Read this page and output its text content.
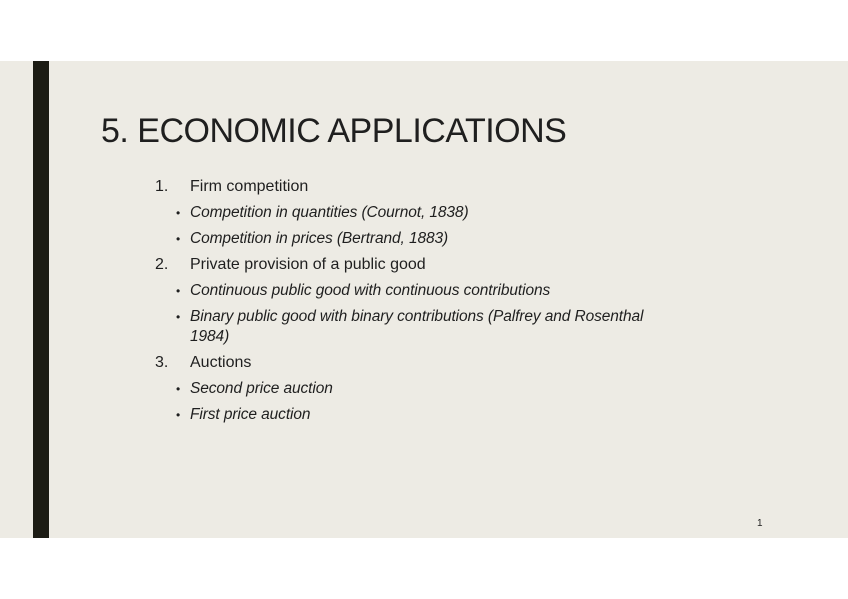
5. ECONOMIC APPLICATIONS
1.	Firm competition
• Competition in quantities (Cournot, 1838)
• Competition in prices (Bertrand, 1883)
2.	Private provision of a public good
• Continuous public good with continuous contributions
• Binary public good with binary contributions (Palfrey and Rosenthal 1984)
3.	Auctions
• Second price auction
• First price auction
1
